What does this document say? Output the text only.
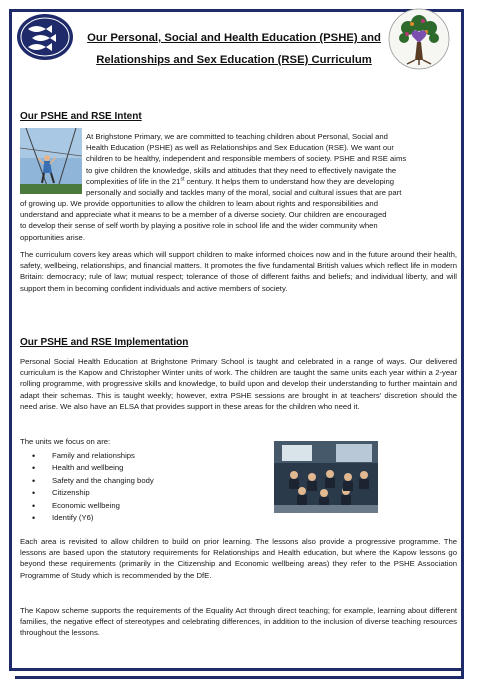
Our Personal, Social and Health Education (PSHE) and
Relationships and Sex Education (RSE) Curriculum
Our PSHE and RSE Intent

At Brighstone Primary, we are committed to teaching children about Personal, Social and
Health Education (PSHE) as well as Relationships and Sex Education (RSE). We want our
children to be healthy, independent and responsible members of society. PSHE and RSE aims
to give children the knowledge, skills and attitudes that they need to effectively navigate the
complexities of life in the 21st century. It helps them to understand how they are developing
personally and socially and tackles many of the moral, social and cultural issues that are part

of growing up. We provide opportunities to allow the children to learn about rights and responsibilities and
understand and appreciate what it means to be a member of a diverse society. Our children are encouraged
to develop their sense of self worth by playing a positive role in school life and the wider community when
opportunities arise.

The curriculum covers key areas which will support children to make informed choices now and in the future around their health, safety, wellbeing, relationships, and financial matters. It promotes the five fundamental British values which reflect life in modern Britain: democracy; rule of law; mutual respect; tolerance of those of different faiths and beliefs; and individual liberty, and will support them in becoming confident individuals and active members of society.

Our PSHE and RSE Implementation

Personal Social Health Education at Brighstone Primary School is taught and celebrated in a range of ways. Our delivered curriculum is the Kapow and Christopher Winter units of work. The children are taught the same units each year within a 2-year rolling programme, with progressive skills and knowledge, to build upon and develop their understanding to further maintain and adapt their schemas. This is taught weekly; however, extra PSHE sessions are brought in at teachers' discretion should the need arise. We also have an ELSA that provides support in these areas for the children who need it.

The units we focus on are:
• Family and relationships
• Health and wellbeing
• Safety and the changing body
• Citizenship
• Economic wellbeing
• Identify (Y6)

Each area is revisited to allow children to build on prior learning. The lessons also provide a progressive programme. The lessons are based upon the statutory requirements for Relationships and Health education, but where the Kapow lessons go beyond these requirements (primarily in the Citizenship and Economic wellbeing areas) they refer to the PSHE Association Programme of Study which is recommended by the DfE.

The Kapow scheme supports the requirements of the Equality Act through direct teaching; for example, learning about different families, the negative effect of stereotypes and celebrating differences, in addition to the inclusion of diverse teaching resources throughout the lessons.
